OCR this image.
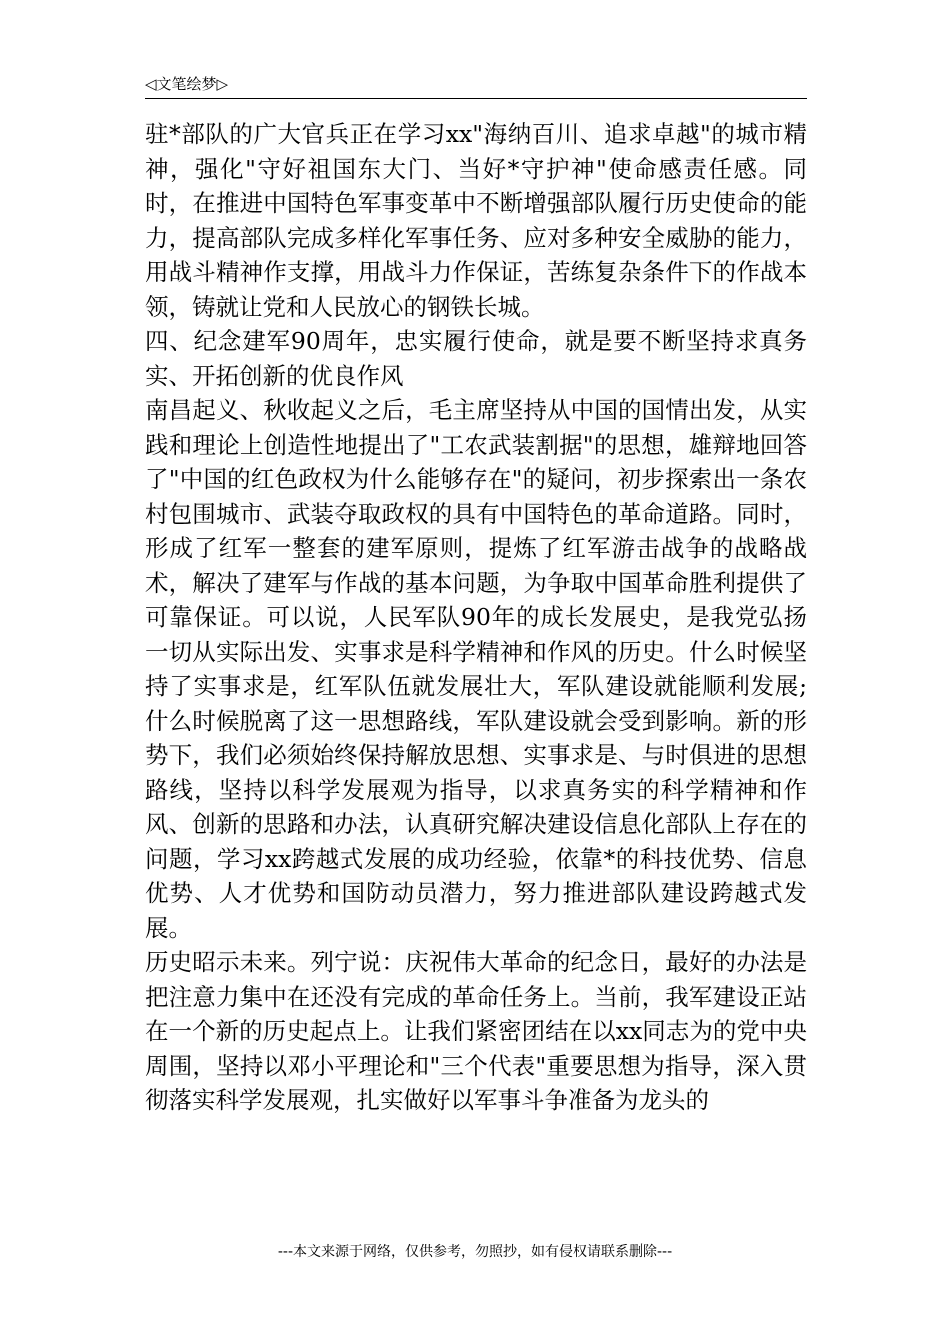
◁文笔绘梦▷

驻*部队的广大官兵正在学习xx"海纳百川、追求卓越"的城市精神，强化"守好祖国东大门、当好*守护神"使命感责任感。同时，在推进中国特色军事变革中不断增强部队履行历史使命的能力，提高部队完成多样化军事任务、应对多种安全威胁的能力，用战斗精神作支撑，用战斗力作保证，苦练复杂条件下的作战本领，铸就让党和人民放心的钢铁长城。

四、纪念建军90周年，忠实履行使命，就是要不断坚持求真务实、开拓创新的优良作风

南昌起义、秋收起义之后，毛主席坚持从中国的国情出发，从实践和理论上创造性地提出了"工农武装割据"的思想，雄辩地回答了"中国的红色政权为什么能够存在"的疑问，初步探索出一条农村包围城市、武装夺取政权的具有中国特色的革命道路。同时，形成了红军一整套的建军原则，提炼了红军游击战争的战略战术，解决了建军与作战的基本问题，为争取中国革命胜利提供了可靠保证。可以说，人民军队90年的成长发展史，是我党弘扬一切从实际出发、实事求是科学精神和作风的历史。什么时候坚持了实事求是，红军队伍就发展壮大，军队建设就能顺利发展;什么时候脱离了这一思想路线，军队建设就会受到影响。新的形势下，我们必须始终保持解放思想、实事求是、与时俱进的思想路线，坚持以科学发展观为指导，以求真务实的科学精神和作风、创新的思路和办法，认真研究解决建设信息化部队上存在的问题，学习xx跨越式发展的成功经验，依靠*的科技优势、信息优势、人才优势和国防动员潜力，努力推进部队建设跨越式发展。

历史昭示未来。列宁说：庆祝伟大革命的纪念日，最好的办法是把注意力集中在还没有完成的革命任务上。当前，我军建设正站在一个新的历史起点上。让我们紧密团结在以xx同志为的党中央周围，坚持以邓小平理论和"三个代表"重要思想为指导，深入贯彻落实科学发展观，扎实做好以军事斗争准备为龙头的

---本文来源于网络，仅供参考，勿照抄，如有侵权请联系删除---
